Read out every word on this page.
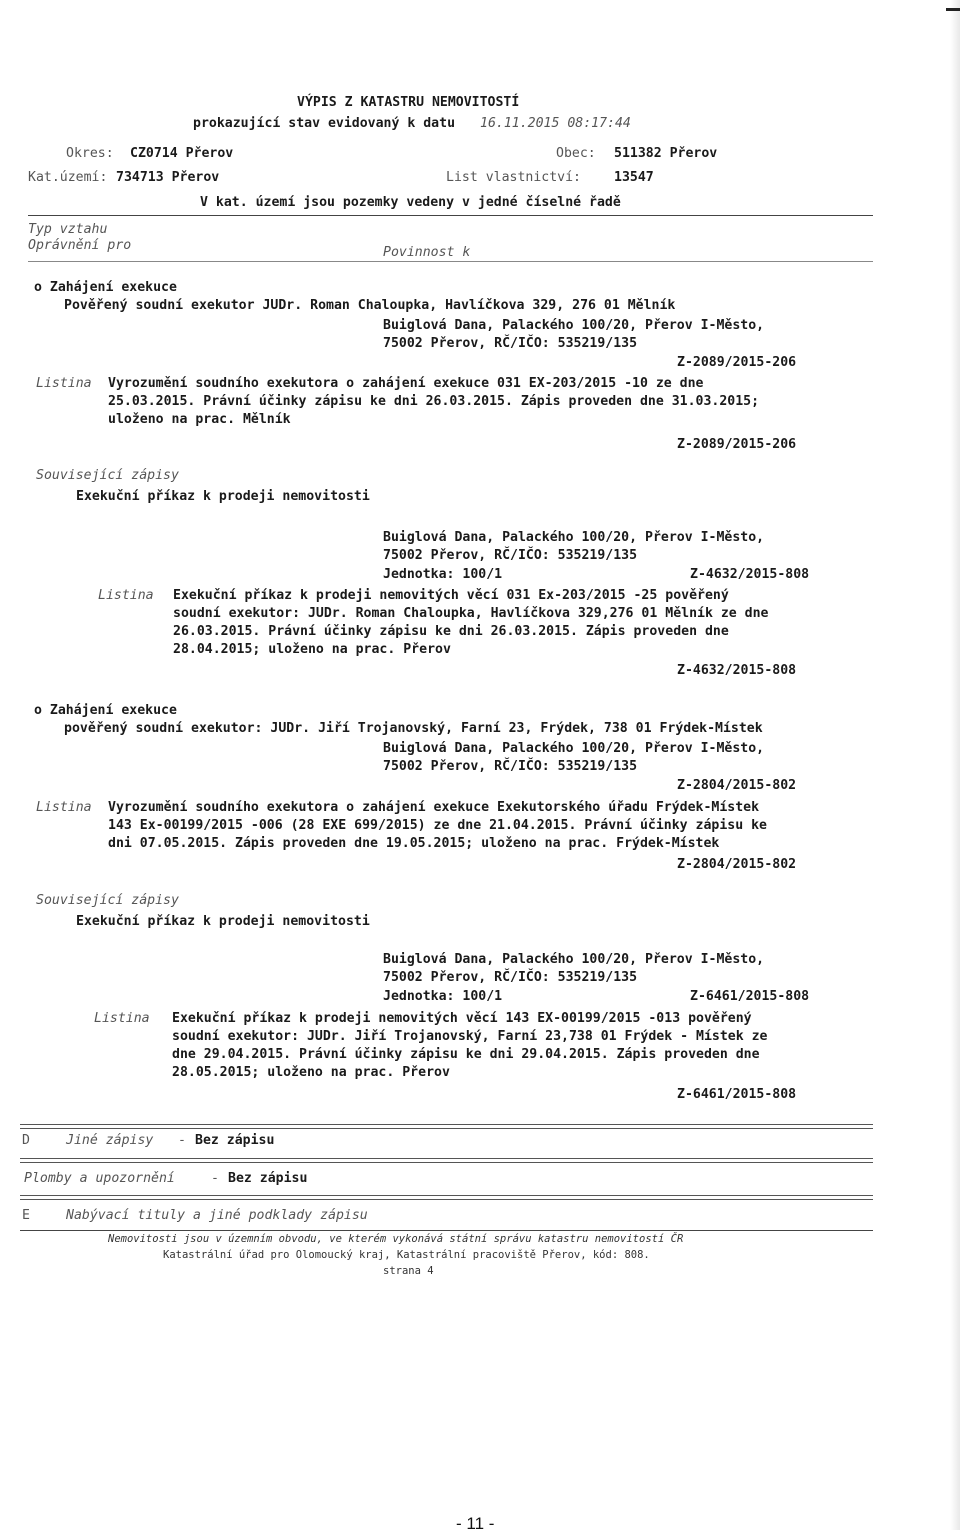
VÝPIS Z KATASTRU NEMOVITOSTÍ
prokazující stav evidovaný k datu 16.11.2015 08:17:44
Okres: CZ0714 Přerov	Obec: 511382 Přerov
Kat.území: 734713 Přerov	List vlastnictví:	13547
V kat. území jsou pozemky vedeny v jedné číselné řadě
Typ vztahu
Oprávnění pro	Povinnost k
o Zahájení exekuce
Pověřený soudní exekutor JUDr. Roman Chaloupka, Havlíčkova 329, 276 01 Mělník
Buiglová Dana, Palackého 100/20, Přerov I-Město,
75002 Přerov, RČ/IČO: 535219/135
Z-2089/2015-206
Listina Vyrozumění soudního exekutora o zahájení exekuce 031 EX-203/2015 -10 ze dne
25.03.2015. Právní účinky zápisu ke dni 26.03.2015. Zápis proveden dne 31.03.2015;
uloženo na prac. Mělník
Z-2089/2015-206
Související zápisy
Exekuční příkaz k prodeji nemovitosti
Buiglová Dana, Palackého 100/20, Přerov I-Město,
75002 Přerov, RČ/IČO: 535219/135
Jednotka: 100/1	Z-4632/2015-808
Listina Exekuční příkaz k prodeji nemovitých věcí 031 Ex-203/2015 -25 pověřený
soudní exekutor: JUDr. Roman Chaloupka, Havlíčkova 329,276 01 Mělník ze dne
26.03.2015. Právní účinky zápisu ke dni 26.03.2015. Zápis proveden dne
28.04.2015; uloženo na prac. Přerov
Z-4632/2015-808
o Zahájení exekuce
pověřený soudní exekutor: JUDr. Jiří Trojanovský, Farní 23, Frýdek, 738 01 Frýdek-Místek
Buiglová Dana, Palackého 100/20, Přerov I-Město,
75002 Přerov, RČ/IČO: 535219/135
Z-2804/2015-802
Listina Vyrozumění soudního exekutora o zahájení exekuce Exekutorského úřadu Frýdek-Místek
143 Ex-00199/2015 -006 (28 EXE 699/2015) ze dne 21.04.2015. Právní účinky zápisu ke
dni 07.05.2015. Zápis proveden dne 19.05.2015; uloženo na prac. Frýdek-Místek
Z-2804/2015-802
Související zápisy
Exekuční příkaz k prodeji nemovitosti
Buiglová Dana, Palackého 100/20, Přerov I-Město,
75002 Přerov, RČ/IČO: 535219/135
Jednotka: 100/1	Z-6461/2015-808
Listina Exekuční příkaz k prodeji nemovitých věcí 143 EX-00199/2015 -013 pověřený
soudní exekutor: JUDr. Jiří Trojanovský, Farní 23,738 01 Frýdek - Místek ze
dne 29.04.2015. Právní účinky zápisu ke dni 29.04.2015. Zápis proveden dne
28.05.2015; uloženo na prac. Přerov
Z-6461/2015-808
D	Jiné zápisy - Bez zápisu
Plomby a upozornění	- Bez zápisu
E	Nabývací tituly a jiné podklady zápisu
Nemovitosti jsou v územním obvodu, ve kterém vykonává státní správu katastru nemovitostí ČR
Katastrální úřad pro Olomoucký kraj, Katastrální pracoviště Přerov, kód: 808.
strana 4
- 11 -
